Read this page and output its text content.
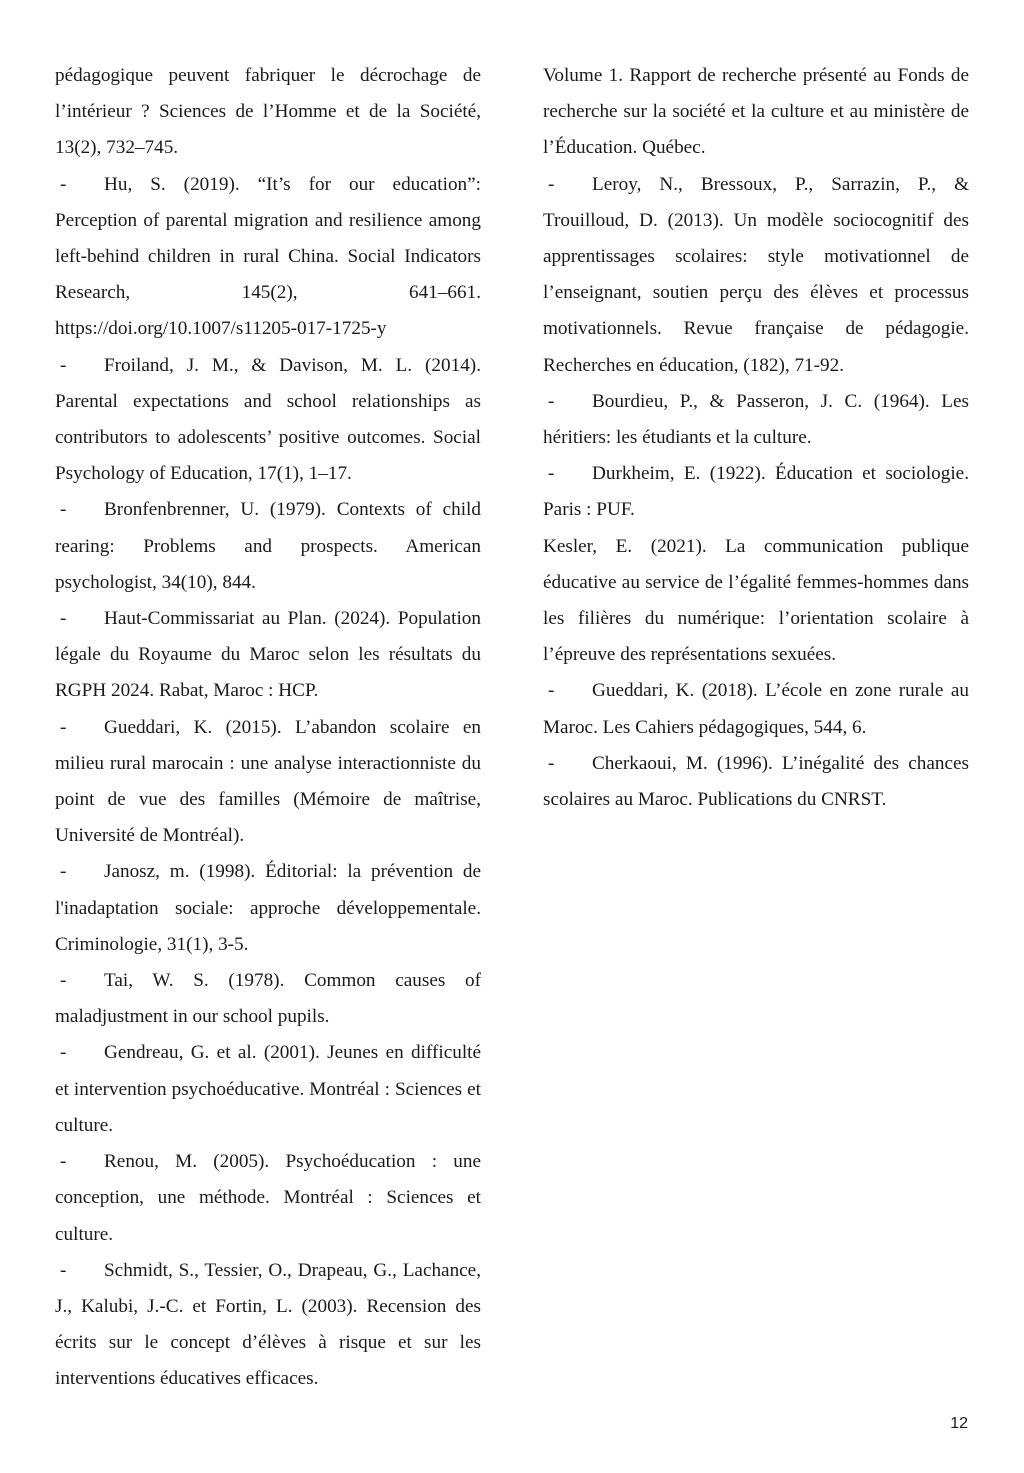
pédagogique peuvent fabriquer le décrochage de l’intérieur ? Sciences de l’Homme et de la Société, 13(2), 732–745.

-Hu, S. (2019). “It’s for our education”: Perception of parental migration and resilience among left-behind children in rural China. Social Indicators Research, 145(2), 641–661. https://doi.org/10.1007/s11205-017-1725-y

-Froiland, J. M., & Davison, M. L. (2014). Parental expectations and school relationships as contributors to adolescents’ positive outcomes. Social Psychology of Education, 17(1), 1–17.

-Bronfenbrenner, U. (1979). Contexts of child rearing: Problems and prospects. American psychologist, 34(10), 844.

-Haut-Commissariat au Plan. (2024). Population légale du Royaume du Maroc selon les résultats du RGPH 2024. Rabat, Maroc : HCP.

-Gueddari, K. (2015). L’abandon scolaire en milieu rural marocain : une analyse interactionniste du point de vue des familles (Mémoire de maîtrise, Université de Montréal).

-Janosz, m. (1998). Éditorial: la prévention de l'inadaptation sociale: approche développementale. Criminologie, 31(1), 3-5.

-Tai, W. S. (1978). Common causes of maladjustment in our school pupils.

-Gendreau, G. et al. (2001). Jeunes en difficulté et intervention psychoéducative. Montréal : Sciences et culture.

-Renou, M. (2005). Psychoéducation : une conception, une méthode. Montréal : Sciences et culture.

-Schmidt, S., Tessier, O., Drapeau, G., Lachance, J., Kalubi, J.-C. et Fortin, L. (2003). Recension des écrits sur le concept d’élèves à risque et sur les interventions éducatives efficaces.

Volume 1. Rapport de recherche présenté au Fonds de recherche sur la société et la culture et au ministère de l’Éducation. Québec.

-Leroy, N., Bressoux, P., Sarrazin, P., & Trouilloud, D. (2013). Un modèle sociocognitif des apprentissages scolaires: style motivationnel de l’enseignant, soutien perçu des élèves et processus motivationnels. Revue française de pédagogie. Recherches en éducation, (182), 71-92.

-Bourdieu, P., & Passeron, J. C. (1964). Les héritiers: les étudiants et la culture.

-Durkheim, E. (1922). Éducation et sociologie. Paris : PUF.

Kesler, E. (2021). La communication publique éducative au service de l’égalité femmes-hommes dans les filières du numérique: l’orientation scolaire à l’épreuve des représentations sexuées.

-Gueddari, K. (2018). L’école en zone rurale au Maroc. Les Cahiers pédagogiques, 544, 6.

-Cherkaoui, M. (1996). L’inégalité des chances scolaires au Maroc. Publications du CNRST.

12
